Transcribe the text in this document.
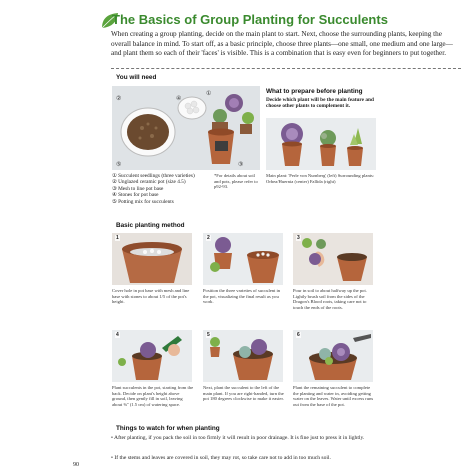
The Basics of Group Planting for Succulents
When creating a group planting, decide on the main plant to start. Next, choose the surrounding plants, keeping the overall balance in mind. To start off, as a basic principle, choose three plants—one small, one medium and one large—and plant them so each of their 'faces' is visible. This is a combination that is easy even for beginners to put together.
You will need
②	④
①
⑤	③
① Succulent seedlings (three varieties)
② Unglazed ceramic pot (size 4.5)
③ Mesh to line pot base
④ Stones for pot base
⑤ Potting mix for succulents
*For details about soil and pots, please refer to p92-93.
What to prepare before planting
Decide which plant will be the main feature and choose other plants to complement it.
Main plant: 'Perle von Nurnberg' (left) Surrounding plants: Orbea/Huernia (center) Fallida (right)
Basic planting method
1
Cover hole in pot base with mesh and line base with stones to about 1/5 of the pot's height.
2
Position the three varieties of succulent in the pot, visualizing the final result as you work.
3
Pour in soil to about halfway up the pot. Lightly brush soil from the sides of the Dragon's Blood roots, taking care not to touch the ends of the roots.
4
Plant succulents in the pot, starting from the back. Decide on plant's height above ground, then gently fill in soil, leaving about ⅜" (1.5 cm) of watering space.
5
Next, plant the succulent to the left of the main plant. If you are right-handed, turn the pot 180 degrees clockwise to make it easier.
6
Plant the remaining succulent to complete the planting and water in, avoiding getting water on the leaves. Water until excess runs out from the base of the pot.
Things to watch for when planting
• After planting, if you pack the soil in too firmly it will result in poor drainage. It is fine just to press it in lightly.
• If the stems and leaves are covered in soil, they may rot, so take care not to add in too much soil.
90
